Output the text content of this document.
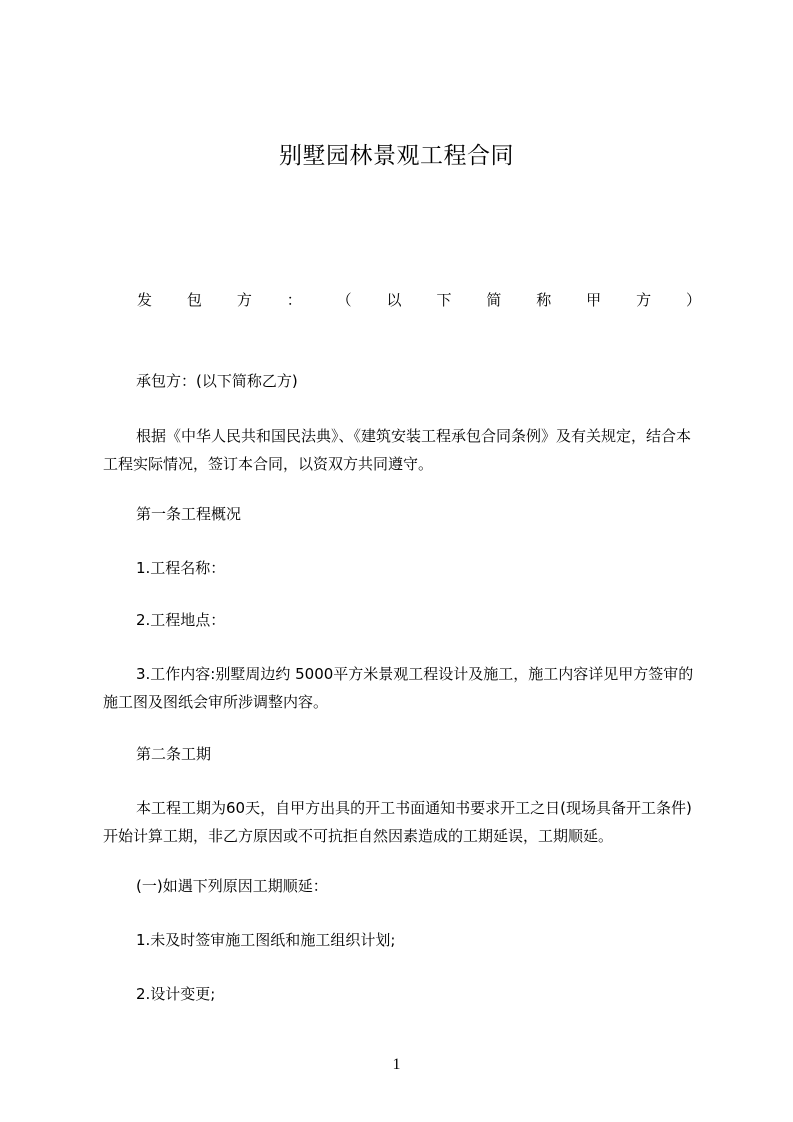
别墅园林景观工程合同
发 包 方 ： （ 以 下 简 称 甲 方 ）
承包方：(以下简称乙方)
根据《中华人民共和国民法典》、《建筑安装工程承包合同条例》及有关规定，结合本工程实际情况，签订本合同，以资双方共同遵守。
第一条工程概况
1.工程名称：
2.工程地点：
3.工作内容:别墅周边约 5000平方米景观工程设计及施工，施工内容详见甲方签审的施工图及图纸会审所涉调整内容。
第二条工期
本工程工期为60天，自甲方出具的开工书面通知书要求开工之日(现场具备开工条件)开始计算工期，非乙方原因或不可抗拒自然因素造成的工期延误，工期顺延。
(一)如遇下列原因工期顺延：
1.未及时签审施工图纸和施工组织计划;
2.设计变更;
1
